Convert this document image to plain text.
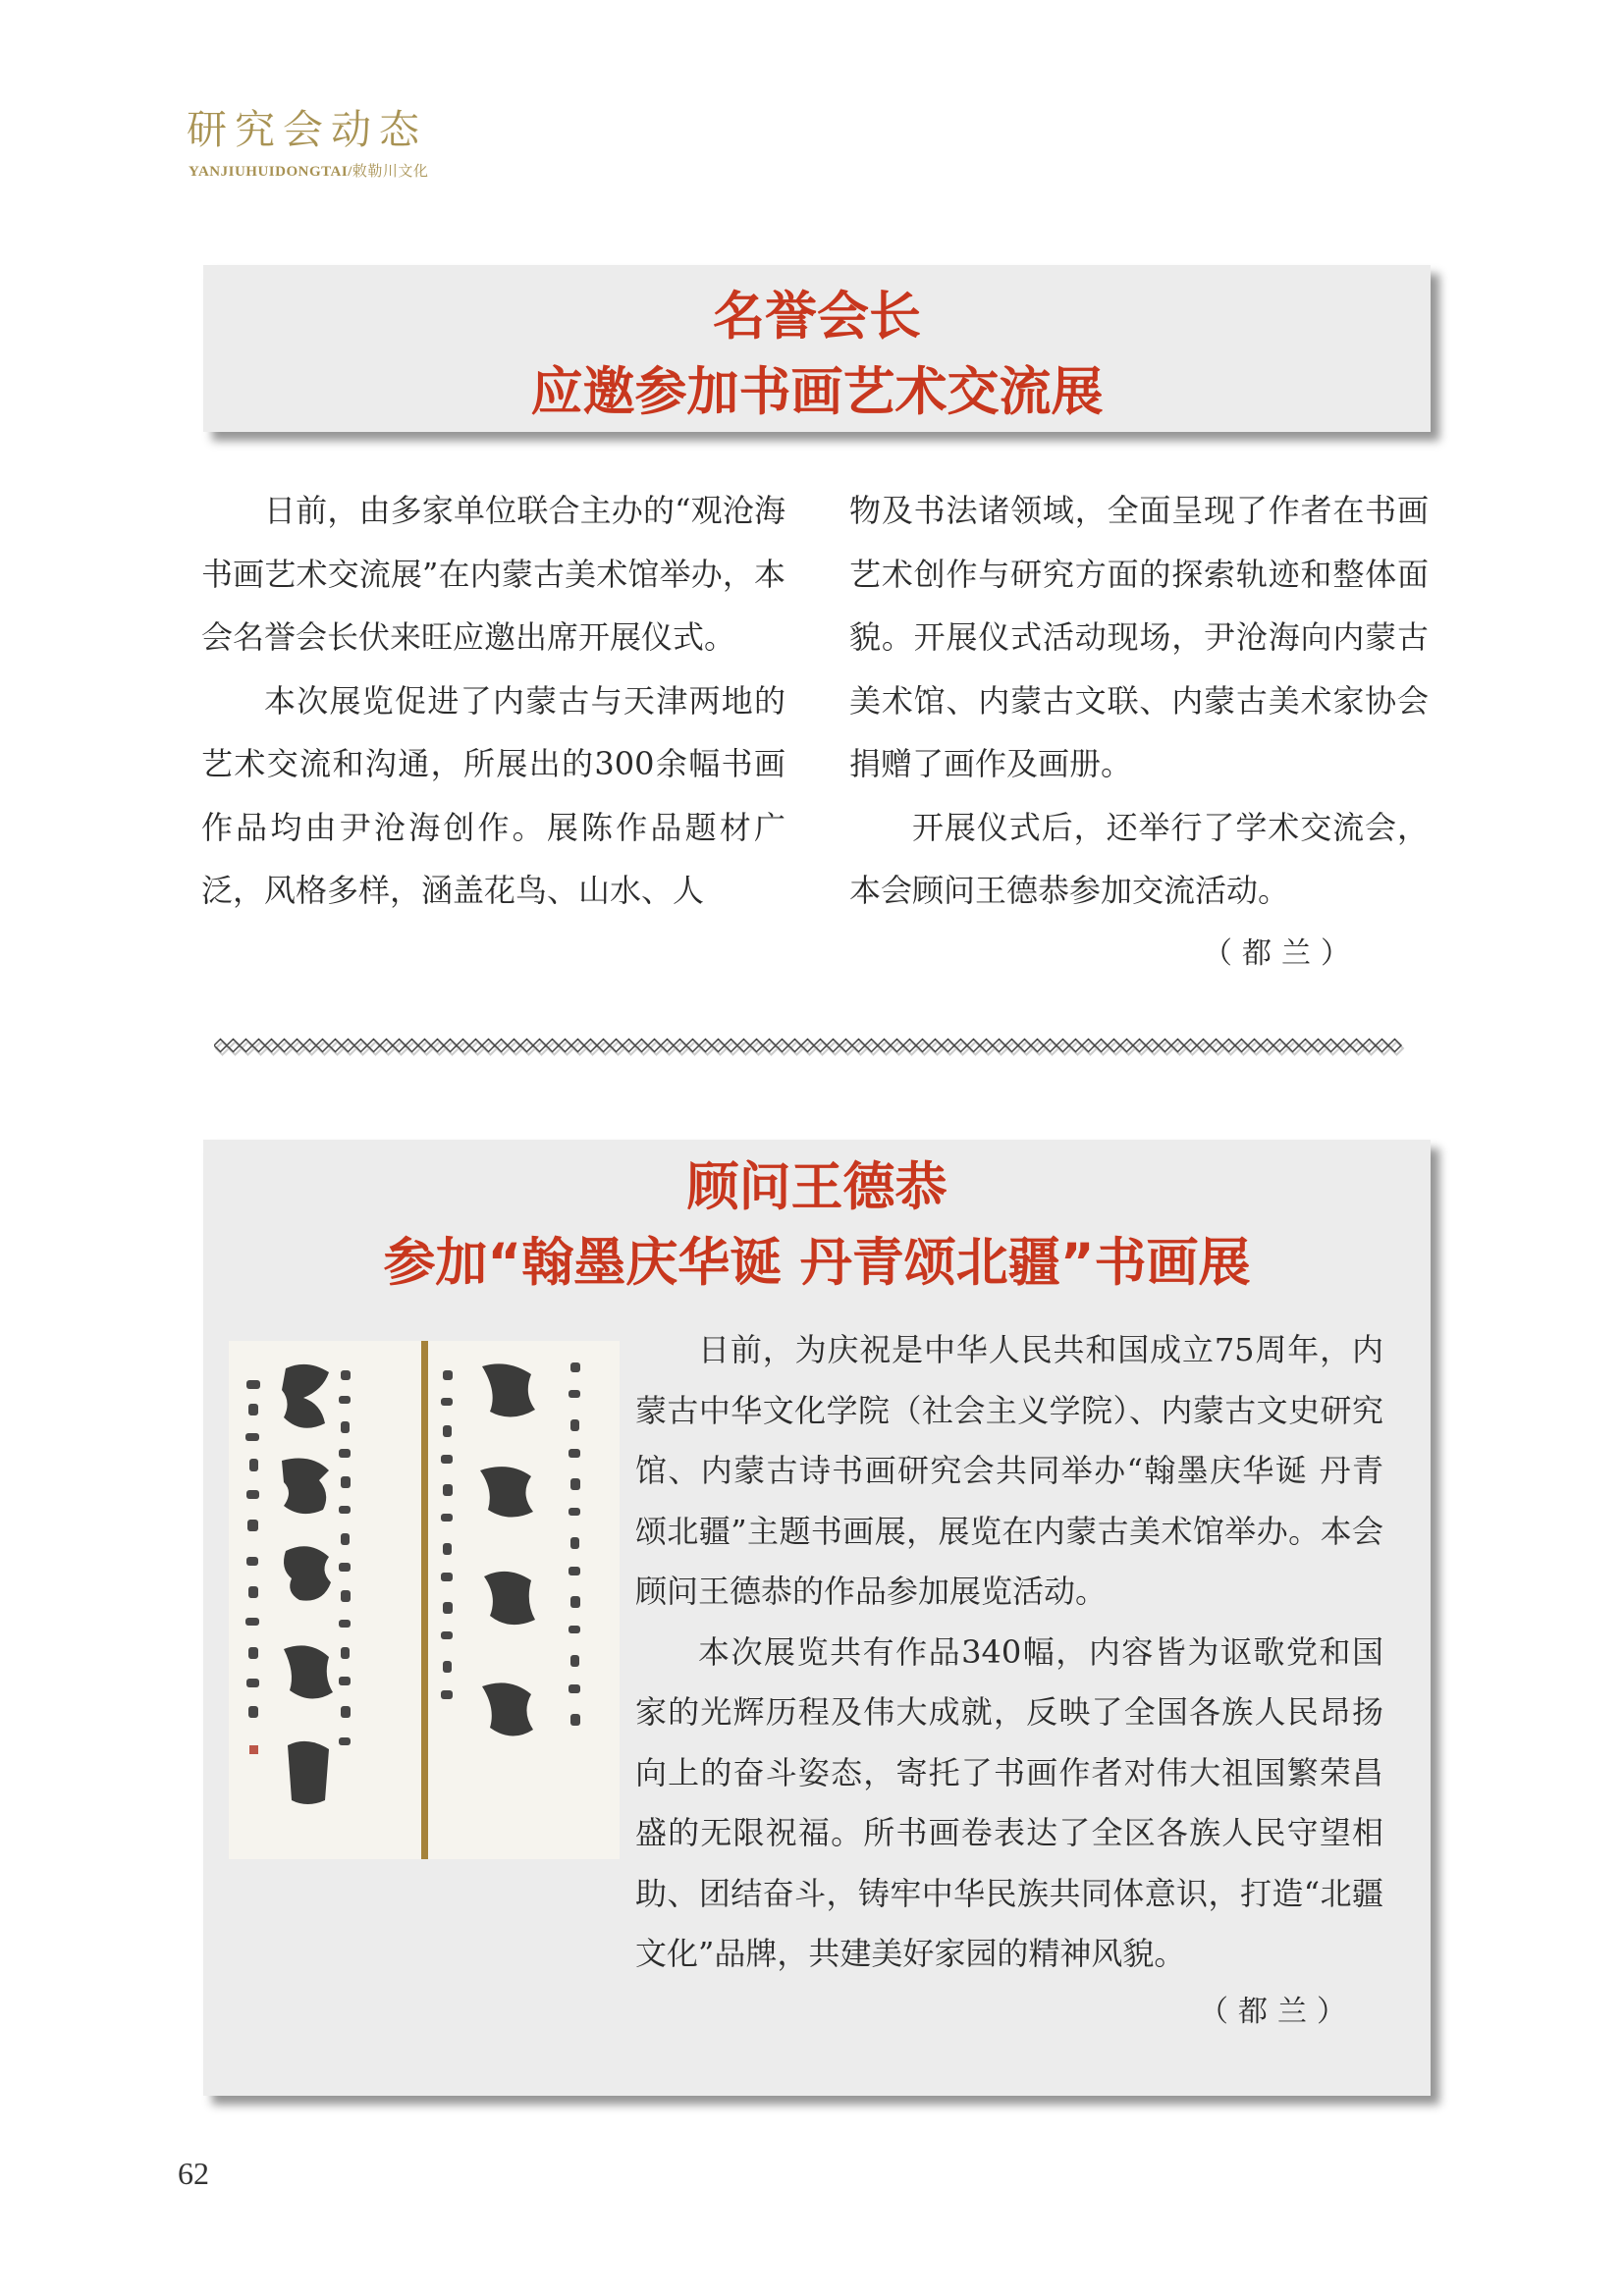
研究会动态
YANJIUHUIDONGTAI/敕勒川文化
名誉会长
应邀参加书画艺术交流展

日前，由多家单位联合主办的“观沧海书画艺术交流展”在内蒙古美术馆举办，本会名誉会长伏来旺应邀出席开展仪式。

本次展览促进了内蒙古与天津两地的艺术交流和沟通，所展出的300余幅书画作品均由尹沧海创作。展陈作品题材广泛，风格多样，涵盖花鸟、山水、人

物及书法诸领域，全面呈现了作者在书画艺术创作与研究方面的探索轨迹和整体面貌。开展仪式活动现场，尹沧海向内蒙古美术馆、内蒙古文联、内蒙古美术家协会捐赠了画作及画册。

开展仪式后，还举行了学术交流会，本会顾问王德恭参加交流活动。

（都兰）
顾问王德恭
参加“翰墨庆华诞 丹青颂北疆”书画展

日前，为庆祝是中华人民共和国成立75周年，内蒙古中华文化学院（社会主义学院）、内蒙古文史研究馆、内蒙古诗书画研究会共同举办“翰墨庆华诞 丹青颂北疆”主题书画展，展览在内蒙古美术馆举办。本会顾问王德恭的作品参加展览活动。

本次展览共有作品340幅，内容皆为讴歌党和国家的光辉历程及伟大成就，反映了全国各族人民昂扬向上的奋斗姿态，寄托了书画作者对伟大祖国繁荣昌盛的无限祝福。所书画卷表达了全区各族人民守望相助、团结奋斗，铸牢中华民族共同体意识，打造“北疆文化”品牌，共建美好家园的精神风貌。

（都兰）
62
